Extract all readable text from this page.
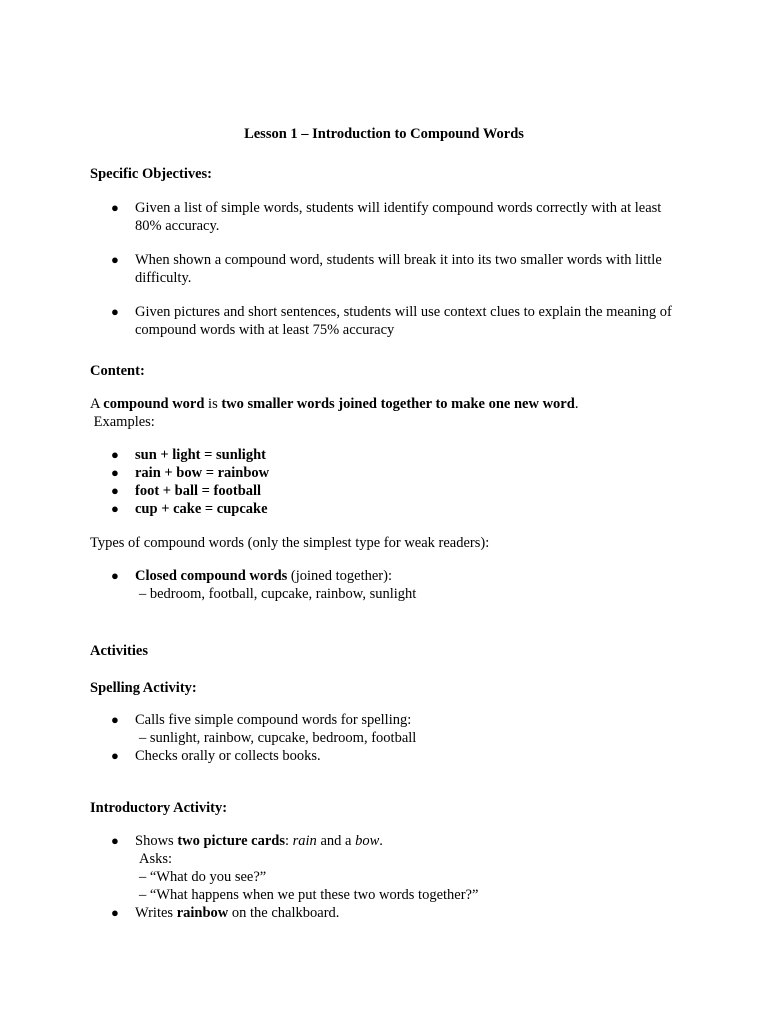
Lesson 1 – Introduction to Compound Words
Specific Objectives:
● Given a list of simple words, students will identify compound words correctly with at least 80% accuracy.
● When shown a compound word, students will break it into its two smaller words with little difficulty.
● Given pictures and short sentences, students will use context clues to explain the meaning of compound words with at least 75% accuracy
Content:
A compound word is two smaller words joined together to make one new word.
Examples:
● sun + light = sunlight
● rain + bow = rainbow
● foot + ball = football
● cup + cake = cupcake
Types of compound words (only the simplest type for weak readers):
● Closed compound words (joined together):
– bedroom, football, cupcake, rainbow, sunlight
Activities
Spelling Activity:
● Calls five simple compound words for spelling:
– sunlight, rainbow, cupcake, bedroom, football
● Checks orally or collects books.
Introductory Activity:
● Shows two picture cards: rain and a bow.
Asks:
– “What do you see?”
– “What happens when we put these two words together?”
● Writes rainbow on the chalkboard.
